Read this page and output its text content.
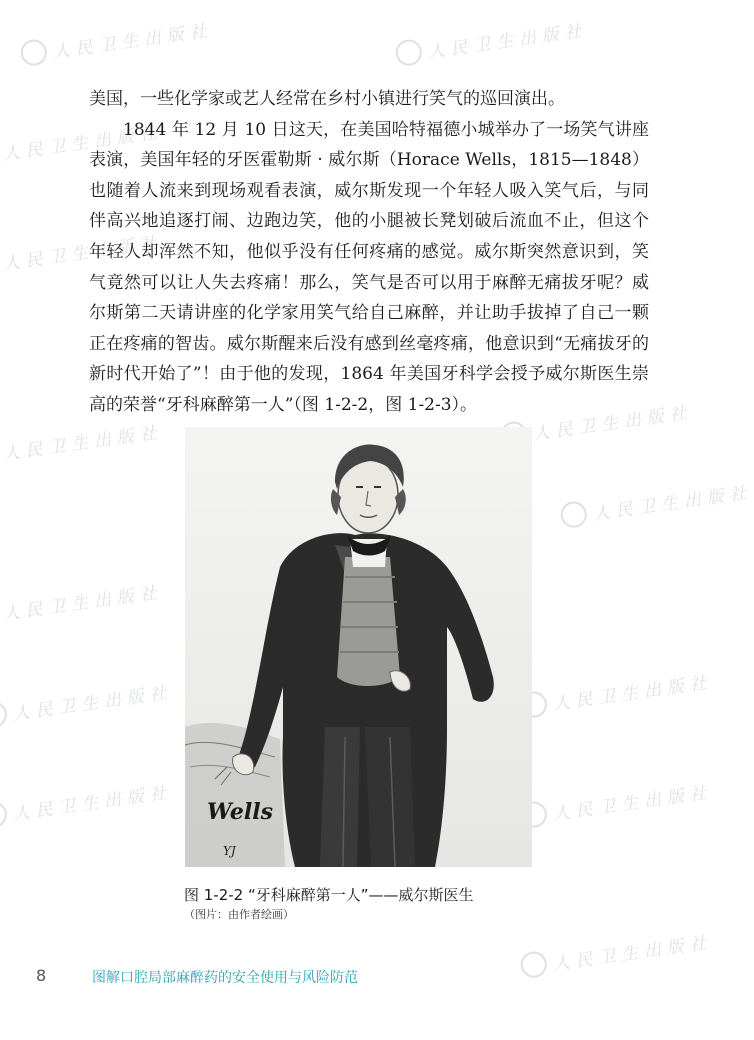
人民卫生出版社	人民卫生出版社
人民卫生出版社
人民卫生出版社
人民卫生出版社	人民卫生出版社
人民卫生出版社
人民卫生出版社
人民卫生出版社	人民卫生出版社
人民卫生出版社	人民卫生出版社
人民卫生出版社

美国，一些化学家或艺人经常在乡村小镇进行笑气的巡回演出。

1844 年 12 月 10 日这天，在美国哈特福德小城举办了一场笑气讲座表演，美国年轻的牙医霍勒斯 · 威尔斯（Horace Wells，1815—1848）也随着人流来到现场观看表演，威尔斯发现一个年轻人吸入笑气后，与同伴高兴地追逐打闹、边跑边笑，他的小腿被长凳划破后流血不止，但这个年轻人却浑然不知，他似乎没有任何疼痛的感觉。威尔斯突然意识到，笑气竟然可以让人失去疼痛！那么，笑气是否可以用于麻醉无痛拔牙呢？威尔斯第二天请讲座的化学家用笑气给自己麻醉，并让助手拔掉了自己一颗正在疼痛的智齿。威尔斯醒来后没有感到丝毫疼痛，他意识到“无痛拔牙的新时代开始了”！由于他的发现，1864 年美国牙科学会授予威尔斯医生崇高的荣誉“牙科麻醉第一人”（图 1-2-2，图 1-2-3）。

Wells
YJ
图 1-2-2 “牙科麻醉第一人”——威尔斯医生
（图片：由作者绘画）
8	图解口腔局部麻醉药的安全使用与风险防范
